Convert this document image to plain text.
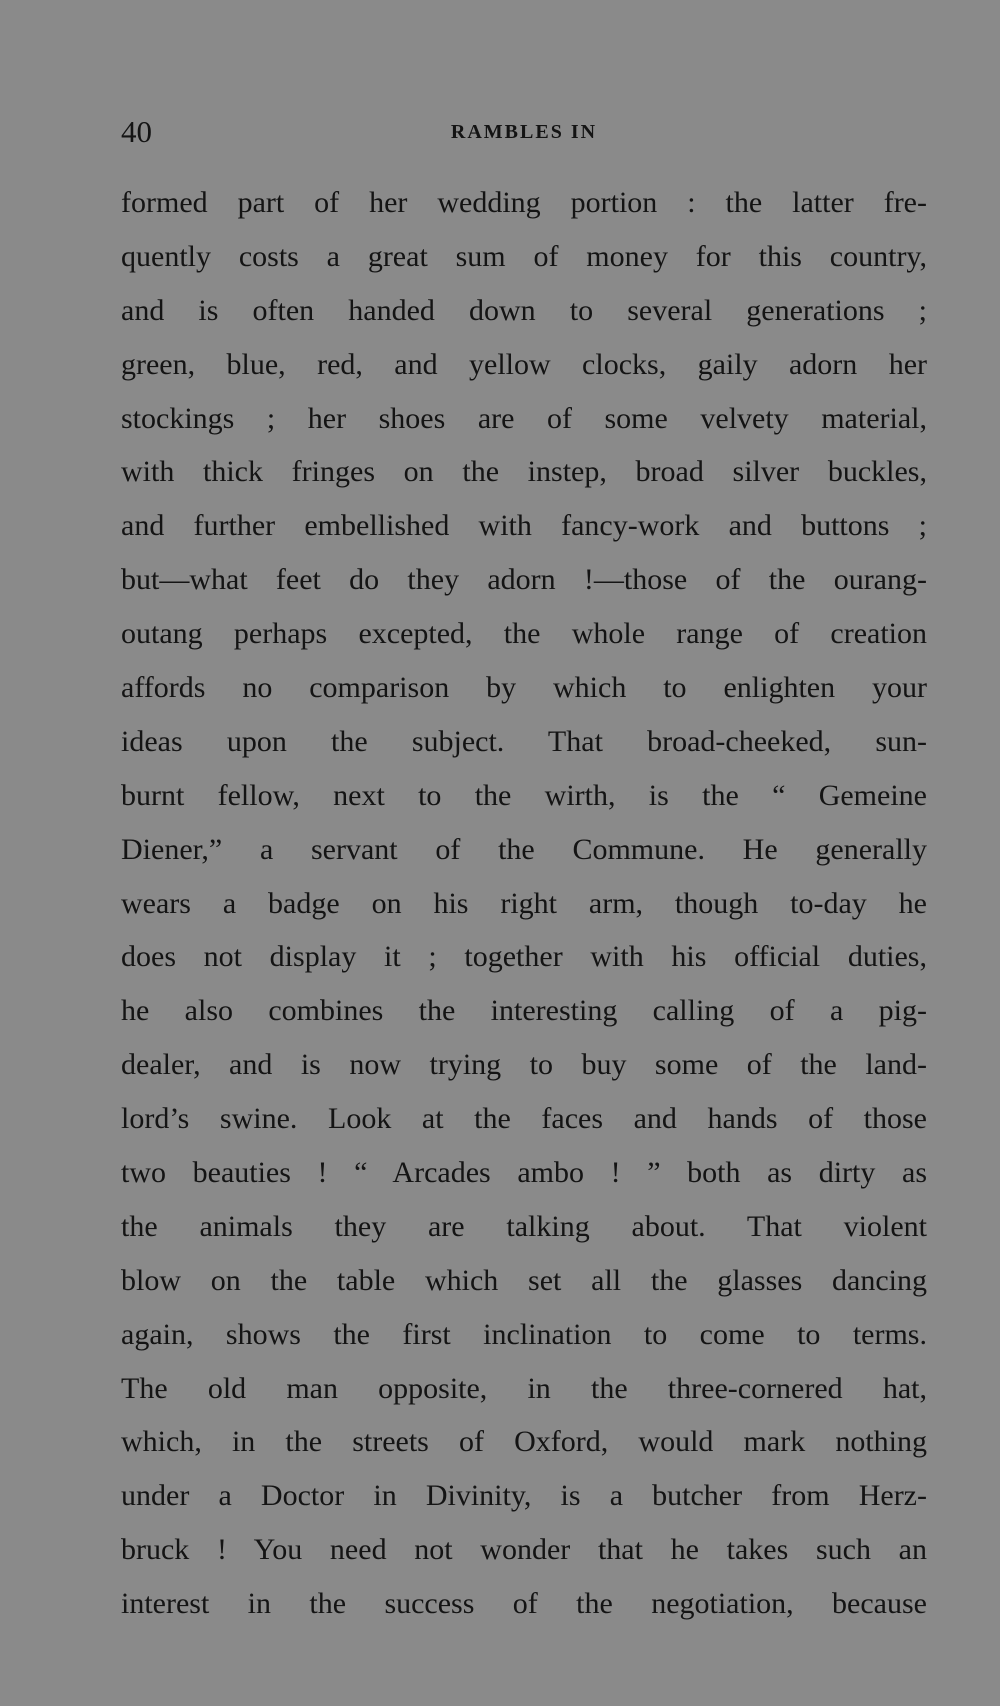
40	RAMBLES IN
formed part of her wedding portion : the latter fre-
quently costs a great sum of money for this country,
and is often handed down to several generations ;
green, blue, red, and yellow clocks, gaily adorn her
stockings ; her shoes are of some velvety material,
with thick fringes on the instep, broad silver buckles,
and further embellished with fancy-work and buttons ;
but—what feet do they adorn !—those of the ourang-
outang perhaps excepted, the whole range of creation
affords no comparison by which to enlighten your
ideas upon the subject. That broad-cheeked, sun-
burnt fellow, next to the wirth, is the “ Gemeine
Diener,” a servant of the Commune. He generally
wears a badge on his right arm, though to-day he
does not display it ; together with his official duties,
he also combines the interesting calling of a pig-
dealer, and is now trying to buy some of the land-
lord’s swine. Look at the faces and hands of those
two beauties ! “ Arcades ambo ! ” both as dirty as
the animals they are talking about. That violent
blow on the table which set all the glasses dancing
again, shows the first inclination to come to terms.
The old man opposite, in the three-cornered hat,
which, in the streets of Oxford, would mark nothing
under a Doctor in Divinity, is a butcher from Herz-
bruck ! You need not wonder that he takes such an
interest in the success of the negotiation, because
